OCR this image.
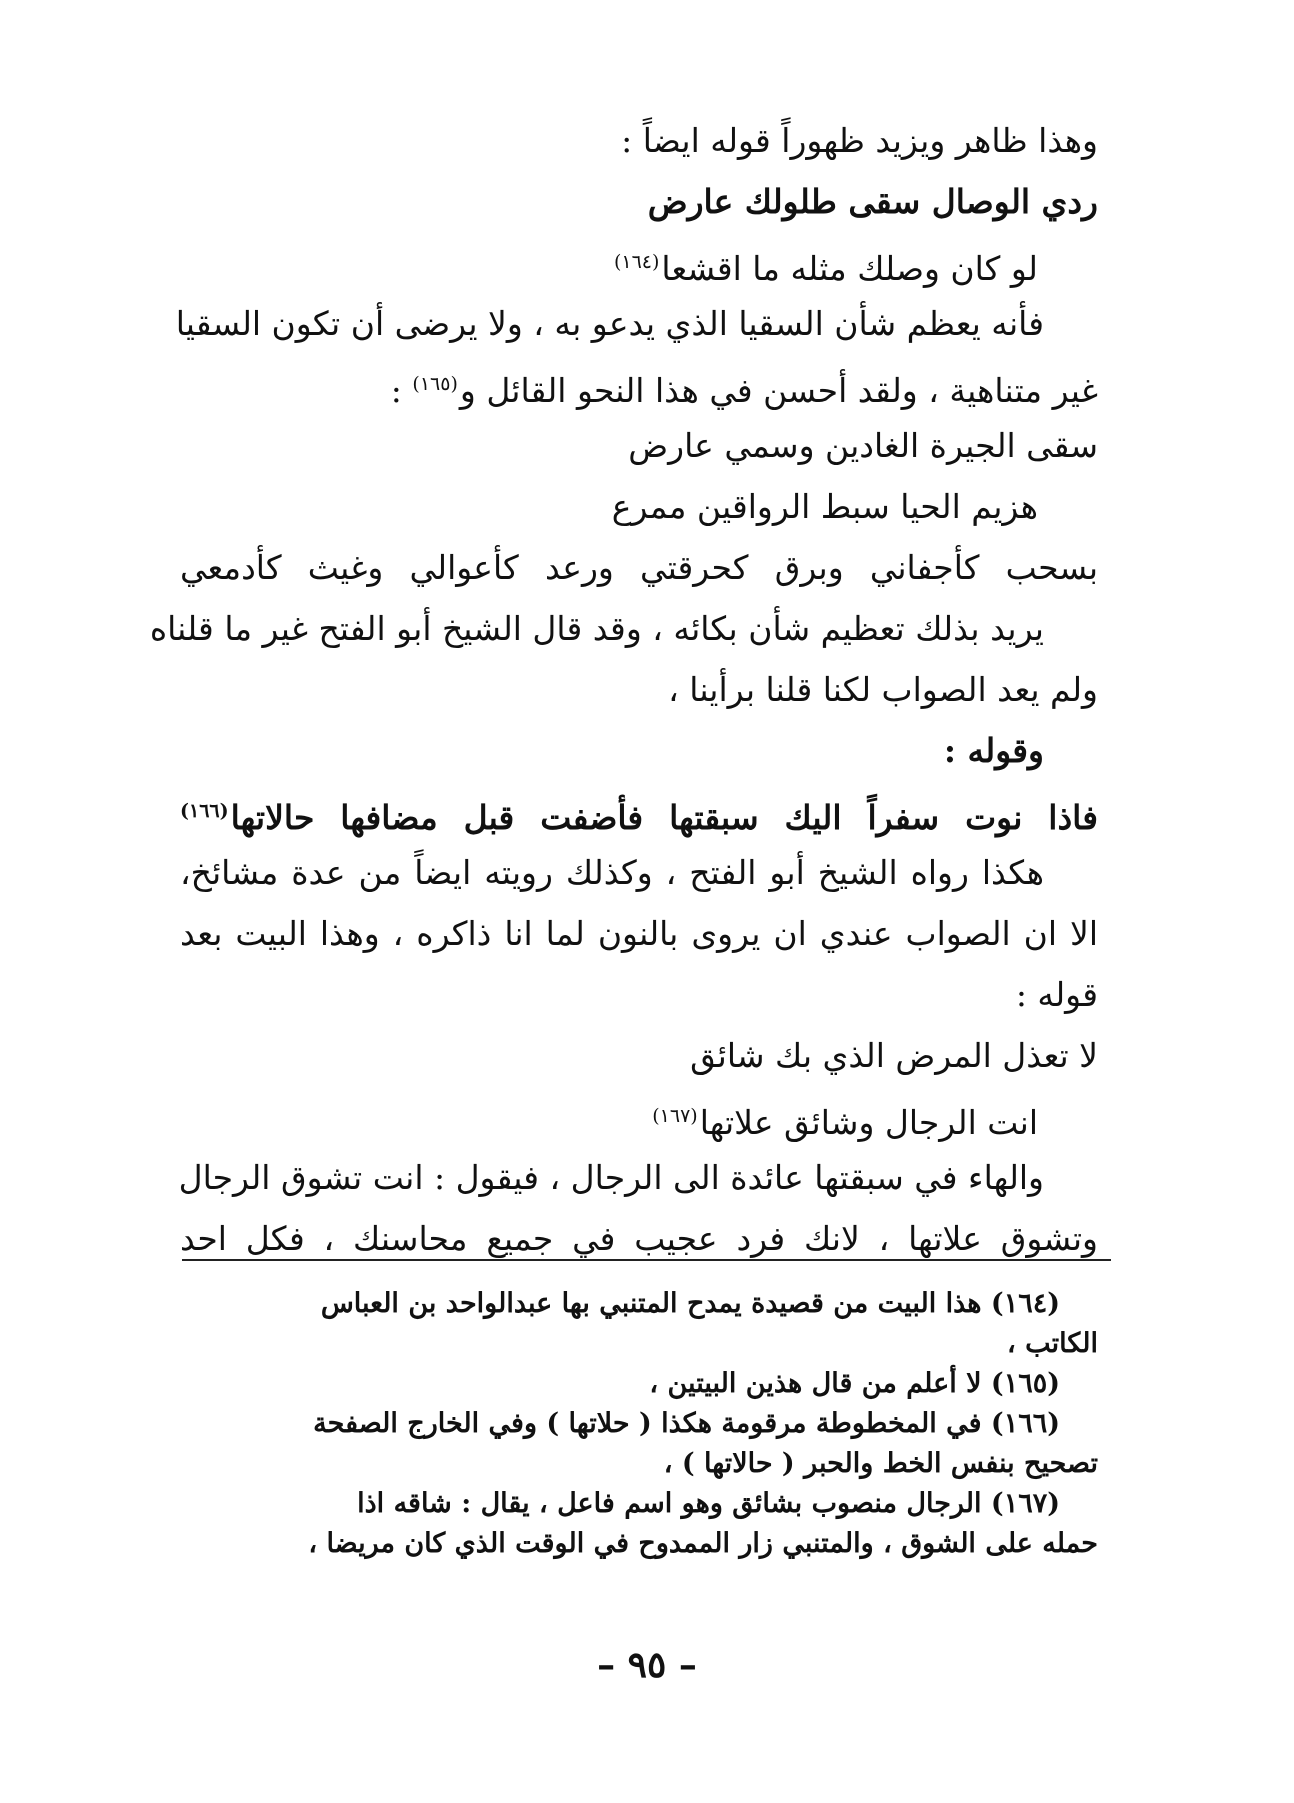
وهذا ظاهر ويزيد ظهوراً قوله ايضاً :
ردي الوصال سقى طلولك عارض
لو كان وصلك مثله ما اقشعا$^{(١٦٤)}$
فأنه يعظم شأن السقيا الذي يدعو به ، ولا يرضى أن تكون السقيا
غير متناهية ، ولقد أحسن في هذا النحو القائل و$^{(١٦٥)}$ :
سقى الجيرة الغادين وسمي عارض
هزيم الحيا سبط الرواقين ممرع
بسحب كأجفاني وبرق كحرقتي ورعد كأعوالي وغيث كأدمعي
يريد بذلك تعظيم شأن بكائه ، وقد قال الشيخ أبو الفتح غير ما قلناه
ولم يعد الصواب لكنا قلنا برأينا ،
وقوله :
فاذا نوت سفراً اليك سبقتها فأضفت قبل مضافها حالاتها$^{(١٦٦)}$
هكذا رواه الشيخ أبو الفتح ، وكذلك رويته ايضاً من عدة مشائخ،
الا ان الصواب عندي ان يروى بالنون لما انا ذاكره ، وهذا البيت بعد
قوله :
لا تعذل المرض الذي بك شائق
انت الرجال وشائق علاتها$^{(١٦٧)}$
والهاء في سبقتها عائدة الى الرجال ، فيقول : انت تشوق الرجال
وتشوق علاتها ، لانك فرد عجيب في جميع محاسنك ، فكل احد
(١٦٤) هذا البيت من قصيدة يمدح المتنبي بها عبدالواحد بن العباس
الكاتب ،
(١٦٥) لا أعلم من قال هذين البيتين ،
(١٦٦) في المخطوطة مرقومة هكذا ( حلاتها ) وفي الخارج الصفحة
تصحيح بنفس الخط والحبر ( حالاتها ) ،
(١٦٧) الرجال منصوب بشائق وهو اسم فاعل ، يقال : شاقه اذا
حمله على الشوق ، والمتنبي زار الممدوح في الوقت الذي كان مريضا ،
– ٩٥ –
